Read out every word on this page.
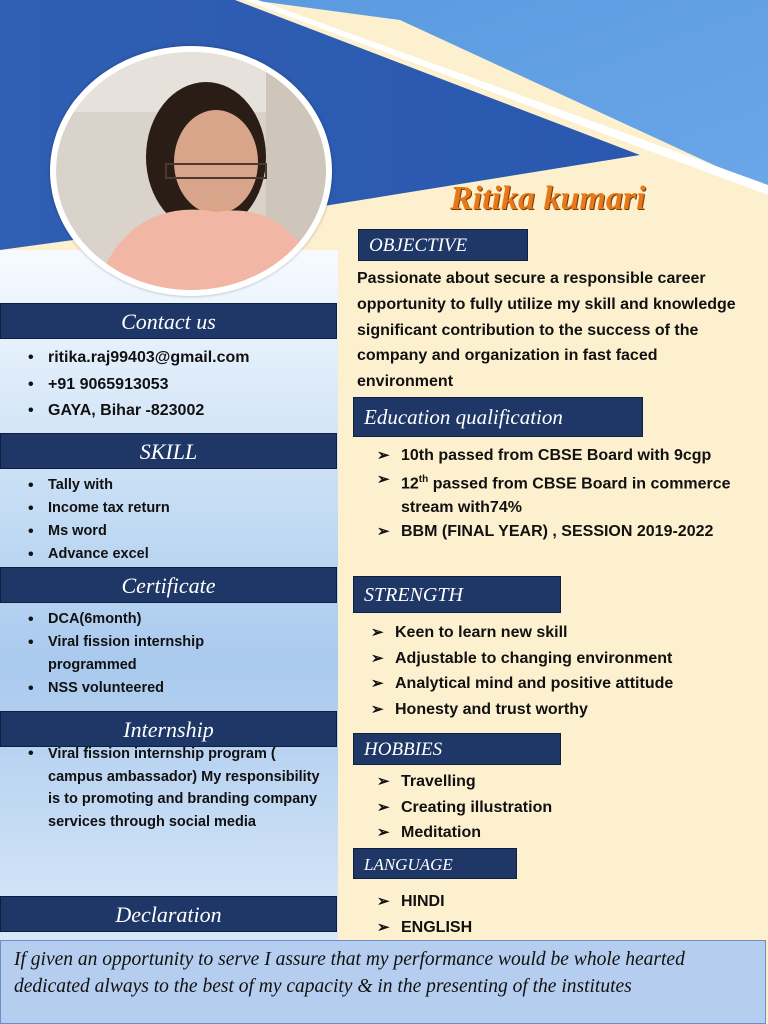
Ritika kumari
OBJECTIVE
Passionate about secure a responsible career opportunity to fully utilize my skill and knowledge significant contribution to the success of the company and organization in fast faced environment
Education qualification
➢ 10th passed from CBSE Board with 9cgp
➢ 12th passed from CBSE Board in commerce stream with74%
➢ BBM (FINAL YEAR) , SESSION 2019-2022
STRENGTH
➢ Keen to learn new skill
➢ Adjustable to changing environment
➢ Analytical mind and positive attitude
➢ Honesty and trust worthy
HOBBIES
➢ Travelling
➢ Creating illustration
➢ Meditation
LANGUAGE
➢ HINDI
➢ ENGLISH
Contact us
• ritika.raj99403@gmail.com
• +91 9065913053
• GAYA, Bihar -823002
SKILL
• Tally with
• Income tax return
• Ms word
• Advance excel
Certificate
• DCA(6month)
• Viral fission internship programmed
• NSS volunteered
Internship
• Viral fission internship program ( campus ambassador) My responsibility is to promoting and branding company services through social media
Declaration
If given an opportunity to serve I assure that my performance would be whole hearted dedicated always to the best of my capacity & in the presenting of the institutes
